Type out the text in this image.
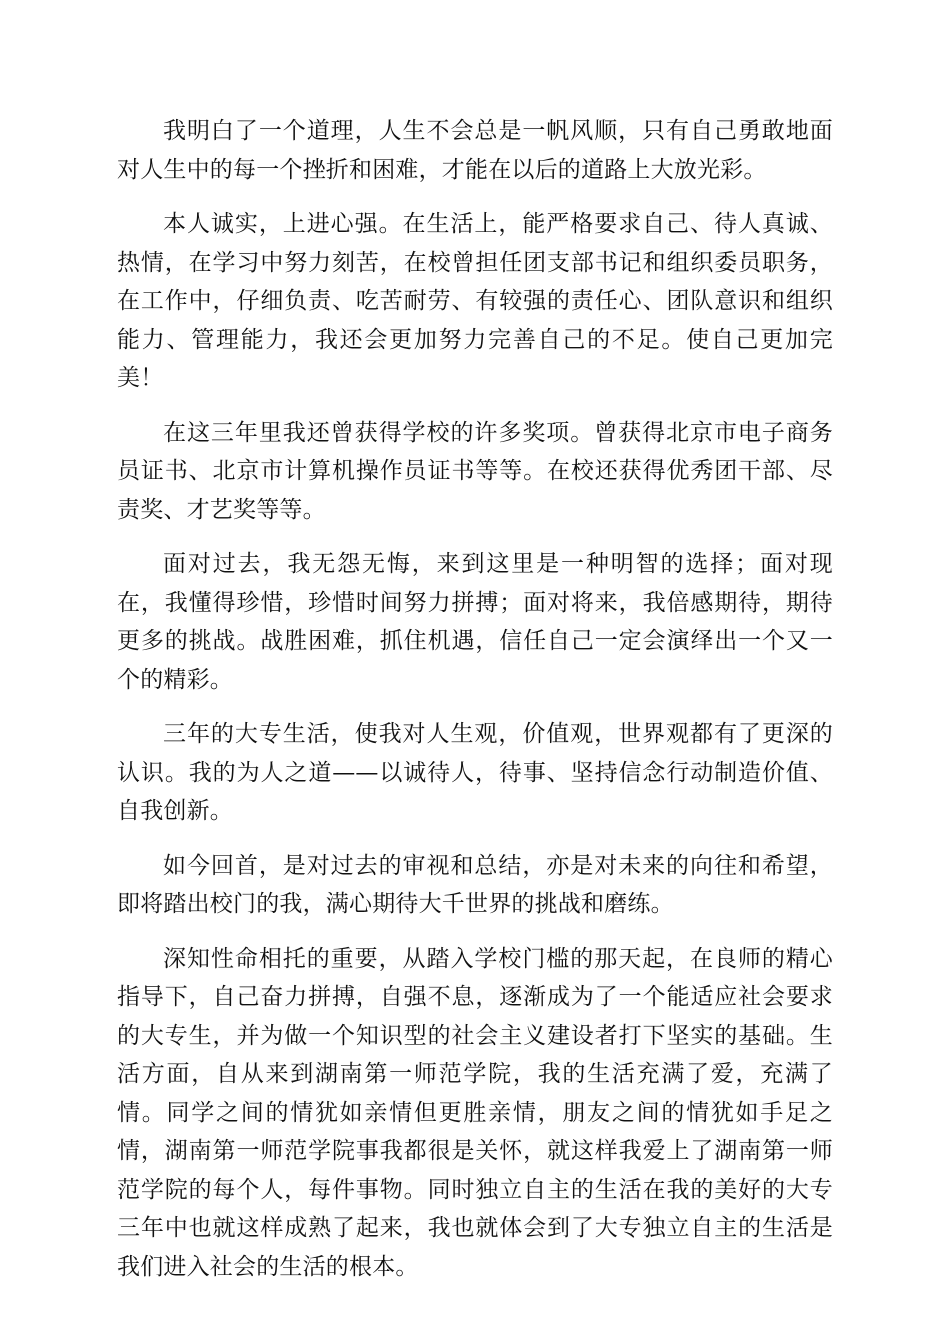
我明白了一个道理，人生不会总是一帆风顺，只有自己勇敢地面对人生中的每一个挫折和困难，才能在以后的道路上大放光彩。

本人诚实，上进心强。在生活上，能严格要求自己、待人真诚、热情，在学习中努力刻苦，在校曾担任团支部书记和组织委员职务，在工作中，仔细负责、吃苦耐劳、有较强的责任心、团队意识和组织能力、管理能力，我还会更加努力完善自己的不足。使自己更加完美！

在这三年里我还曾获得学校的许多奖项。曾获得北京市电子商务员证书、北京市计算机操作员证书等等。在校还获得优秀团干部、尽责奖、才艺奖等等。

面对过去，我无怨无悔，来到这里是一种明智的选择；面对现在，我懂得珍惜，珍惜时间努力拼搏；面对将来，我倍感期待，期待更多的挑战。战胜困难，抓住机遇，信任自己一定会演绎出一个又一个的精彩。

三年的大专生活，使我对人生观，价值观，世界观都有了更深的认识。我的为人之道——以诚待人，待事、坚持信念行动制造价值、自我创新。

如今回首，是对过去的审视和总结，亦是对未来的向往和希望，即将踏出校门的我，满心期待大千世界的挑战和磨练。

深知性命相托的重要，从踏入学校门槛的那天起，在良师的精心指导下，自己奋力拼搏，自强不息，逐渐成为了一个能适应社会要求的大专生，并为做一个知识型的社会主义建设者打下坚实的基础。生活方面，自从来到湖南第一师范学院，我的生活充满了爱，充满了情。同学之间的情犹如亲情但更胜亲情，朋友之间的情犹如手足之情，湖南第一师范学院事我都很是关怀，就这样我爱上了湖南第一师范学院的每个人，每件事物。同时独立自主的生活在我的美好的大专三年中也就这样成熟了起来，我也就体会到了大专独立自主的生活是我们进入社会的生活的根本。
